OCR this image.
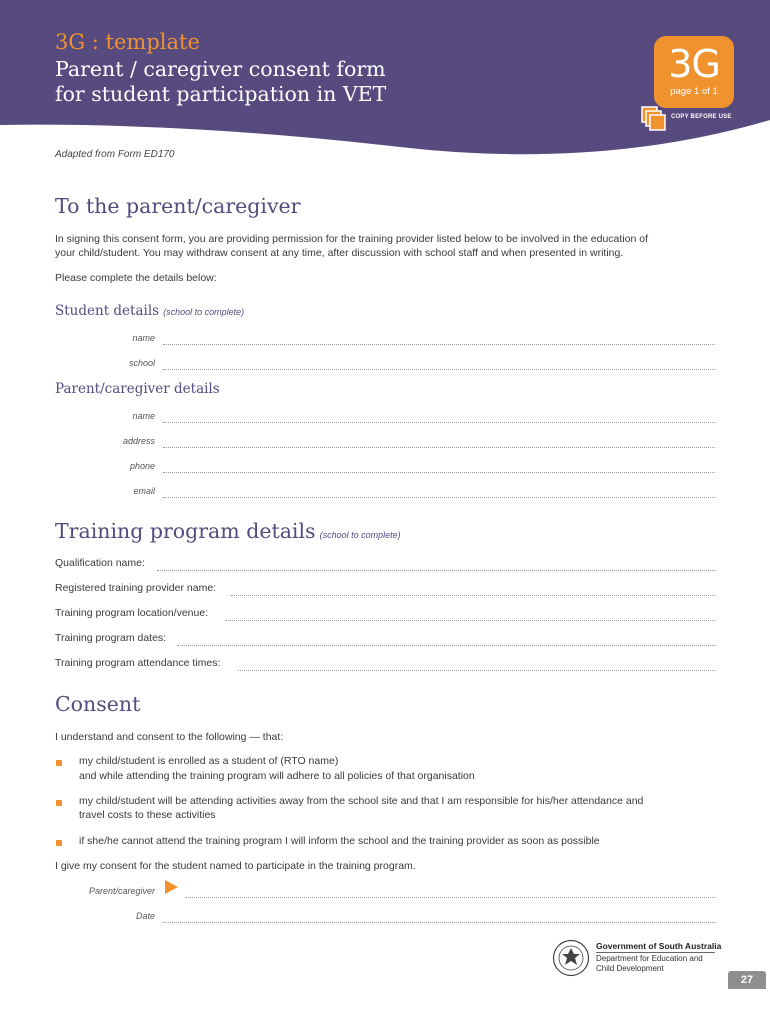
3G : template
Parent / caregiver consent form
for student participation in VET
3G
page 1 of 1
COPY BEFORE USE
Adapted from Form ED170
To the parent/caregiver
In signing this consent form, you are providing permission for the training provider listed below to be involved in the education of
your child/student. You may withdraw consent at any time, after discussion with school staff and when presented in writing.
Please complete the details below:
Student details (school to complete)
name
school
Parent/caregiver details
name
address
phone
email
Training program details (school to complete)
Qualification name:
Registered training provider name:
Training program location/venue:
Training program dates:
Training program attendance times:
Consent
I understand and consent to the following — that:
my child/student is enrolled as a student of (RTO name)
and while attending the training program will adhere to all policies of that organisation
my child/student will be attending activities away from the school site and that I am responsible for his/her attendance and
travel costs to these activities
if she/he cannot attend the training program I will inform the school and the training provider as soon as possible
I give my consent for the student named to participate in the training program.
Parent/caregiver
Date
Government of South Australia
Department for Education and
Child Development
27
